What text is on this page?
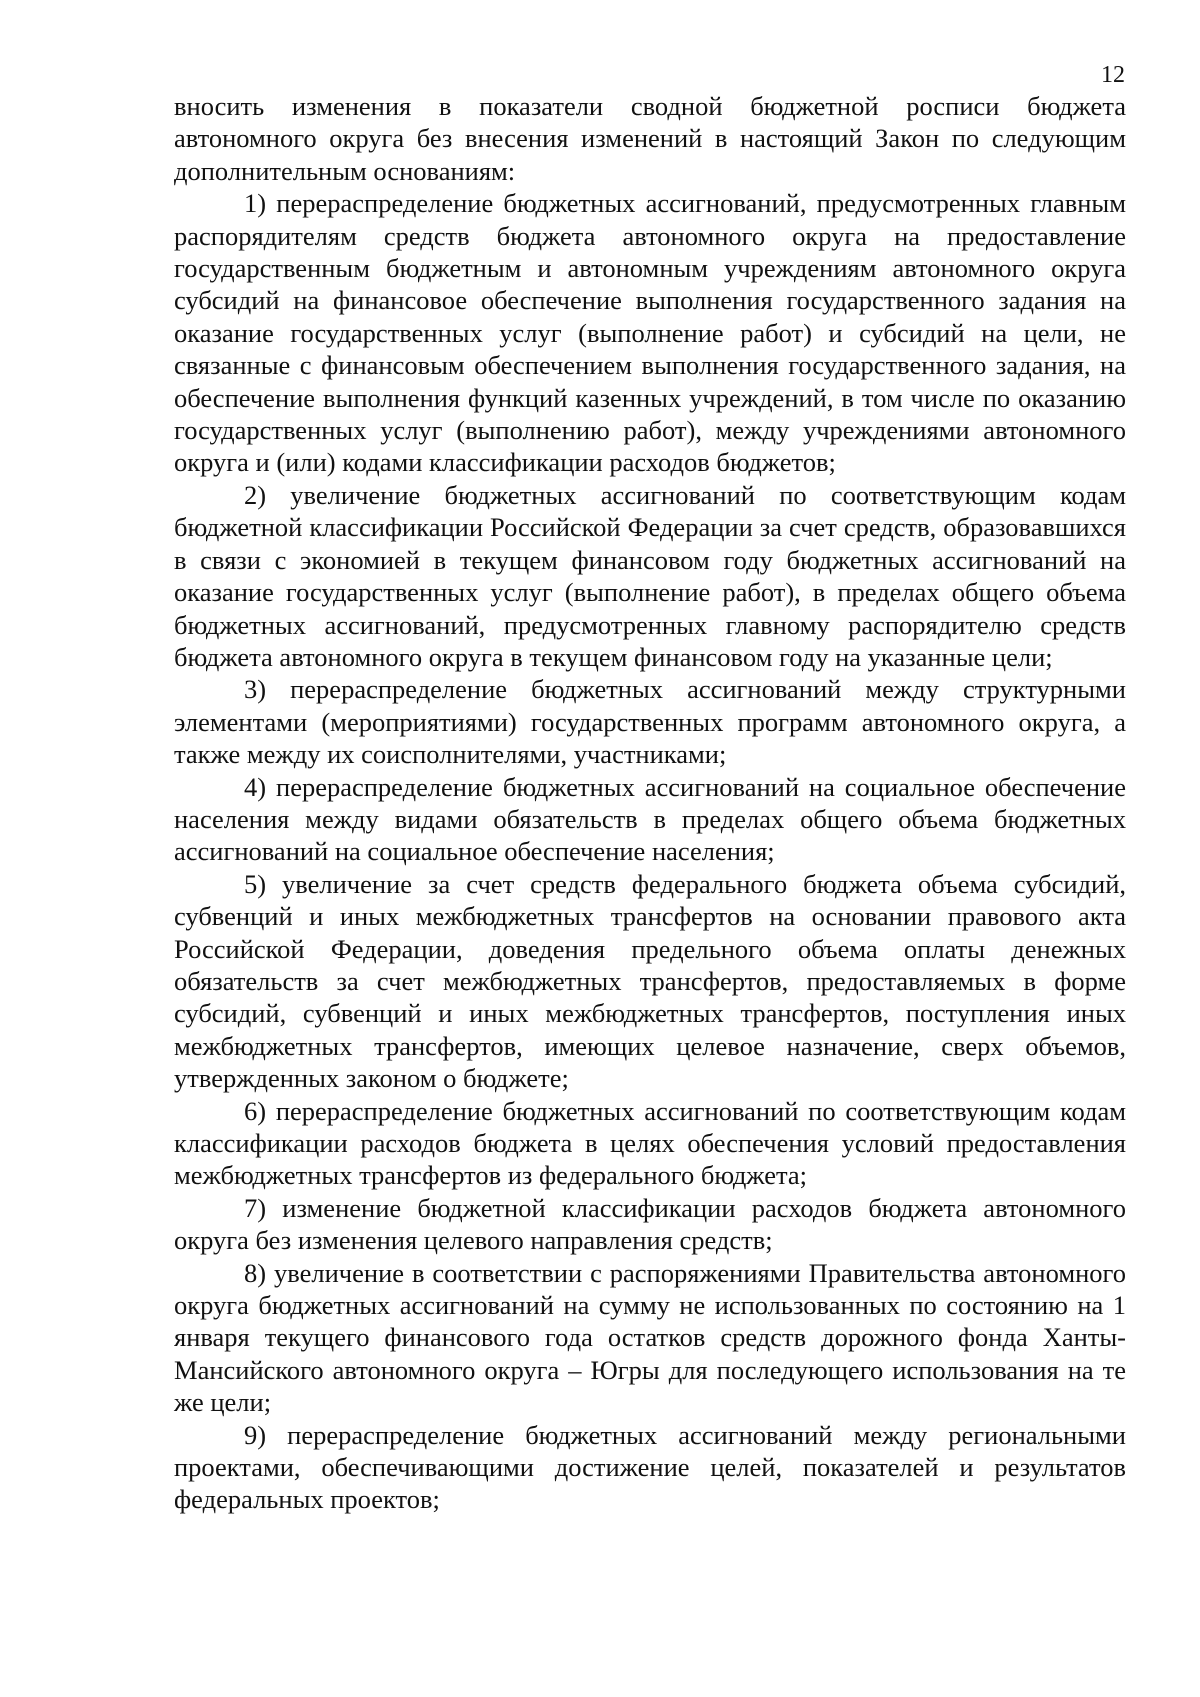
12

вносить изменения в показатели сводной бюджетной росписи бюджета автономного округа без внесения изменений в настоящий Закон по следующим дополнительным основаниям:

1) перераспределение бюджетных ассигнований, предусмотренных главным распорядителям средств бюджета автономного округа на предоставление государственным бюджетным и автономным учреждениям автономного округа субсидий на финансовое обеспечение выполнения государственного задания на оказание государственных услуг (выполнение работ) и субсидий на цели, не связанные с финансовым обеспечением выполнения государственного задания, на обеспечение выполнения функций казенных учреждений, в том числе по оказанию государственных услуг (выполнению работ), между учреждениями автономного округа и (или) кодами классификации расходов бюджетов;

2) увеличение бюджетных ассигнований по соответствующим кодам бюджетной классификации Российской Федерации за счет средств, образовавшихся в связи с экономией в текущем финансовом году бюджетных ассигнований на оказание государственных услуг (выполнение работ), в пределах общего объема бюджетных ассигнований, предусмотренных главному распорядителю средств бюджета автономного округа в текущем финансовом году на указанные цели;

3) перераспределение бюджетных ассигнований между структурными элементами (мероприятиями) государственных программ автономного округа, а также между их соисполнителями, участниками;

4) перераспределение бюджетных ассигнований на социальное обеспечение населения между видами обязательств в пределах общего объема бюджетных ассигнований на социальное обеспечение населения;

5) увеличение за счет средств федерального бюджета объема субсидий, субвенций и иных межбюджетных трансфертов на основании правового акта Российской Федерации, доведения предельного объема оплаты денежных обязательств за счет межбюджетных трансфертов, предоставляемых в форме субсидий, субвенций и иных межбюджетных трансфертов, поступления иных межбюджетных трансфертов, имеющих целевое назначение, сверх объемов, утвержденных законом о бюджете;

6) перераспределение бюджетных ассигнований по соответствующим кодам классификации расходов бюджета в целях обеспечения условий предоставления межбюджетных трансфертов из федерального бюджета;

7) изменение бюджетной классификации расходов бюджета автономного округа без изменения целевого направления средств;

8) увеличение в соответствии с распоряжениями Правительства автономного округа бюджетных ассигнований на сумму не использованных по состоянию на 1 января текущего финансового года остатков средств дорожного фонда Ханты-Мансийского автономного округа – Югры для последующего использования на те же цели;

9) перераспределение бюджетных ассигнований между региональными проектами, обеспечивающими достижение целей, показателей и результатов федеральных проектов;
